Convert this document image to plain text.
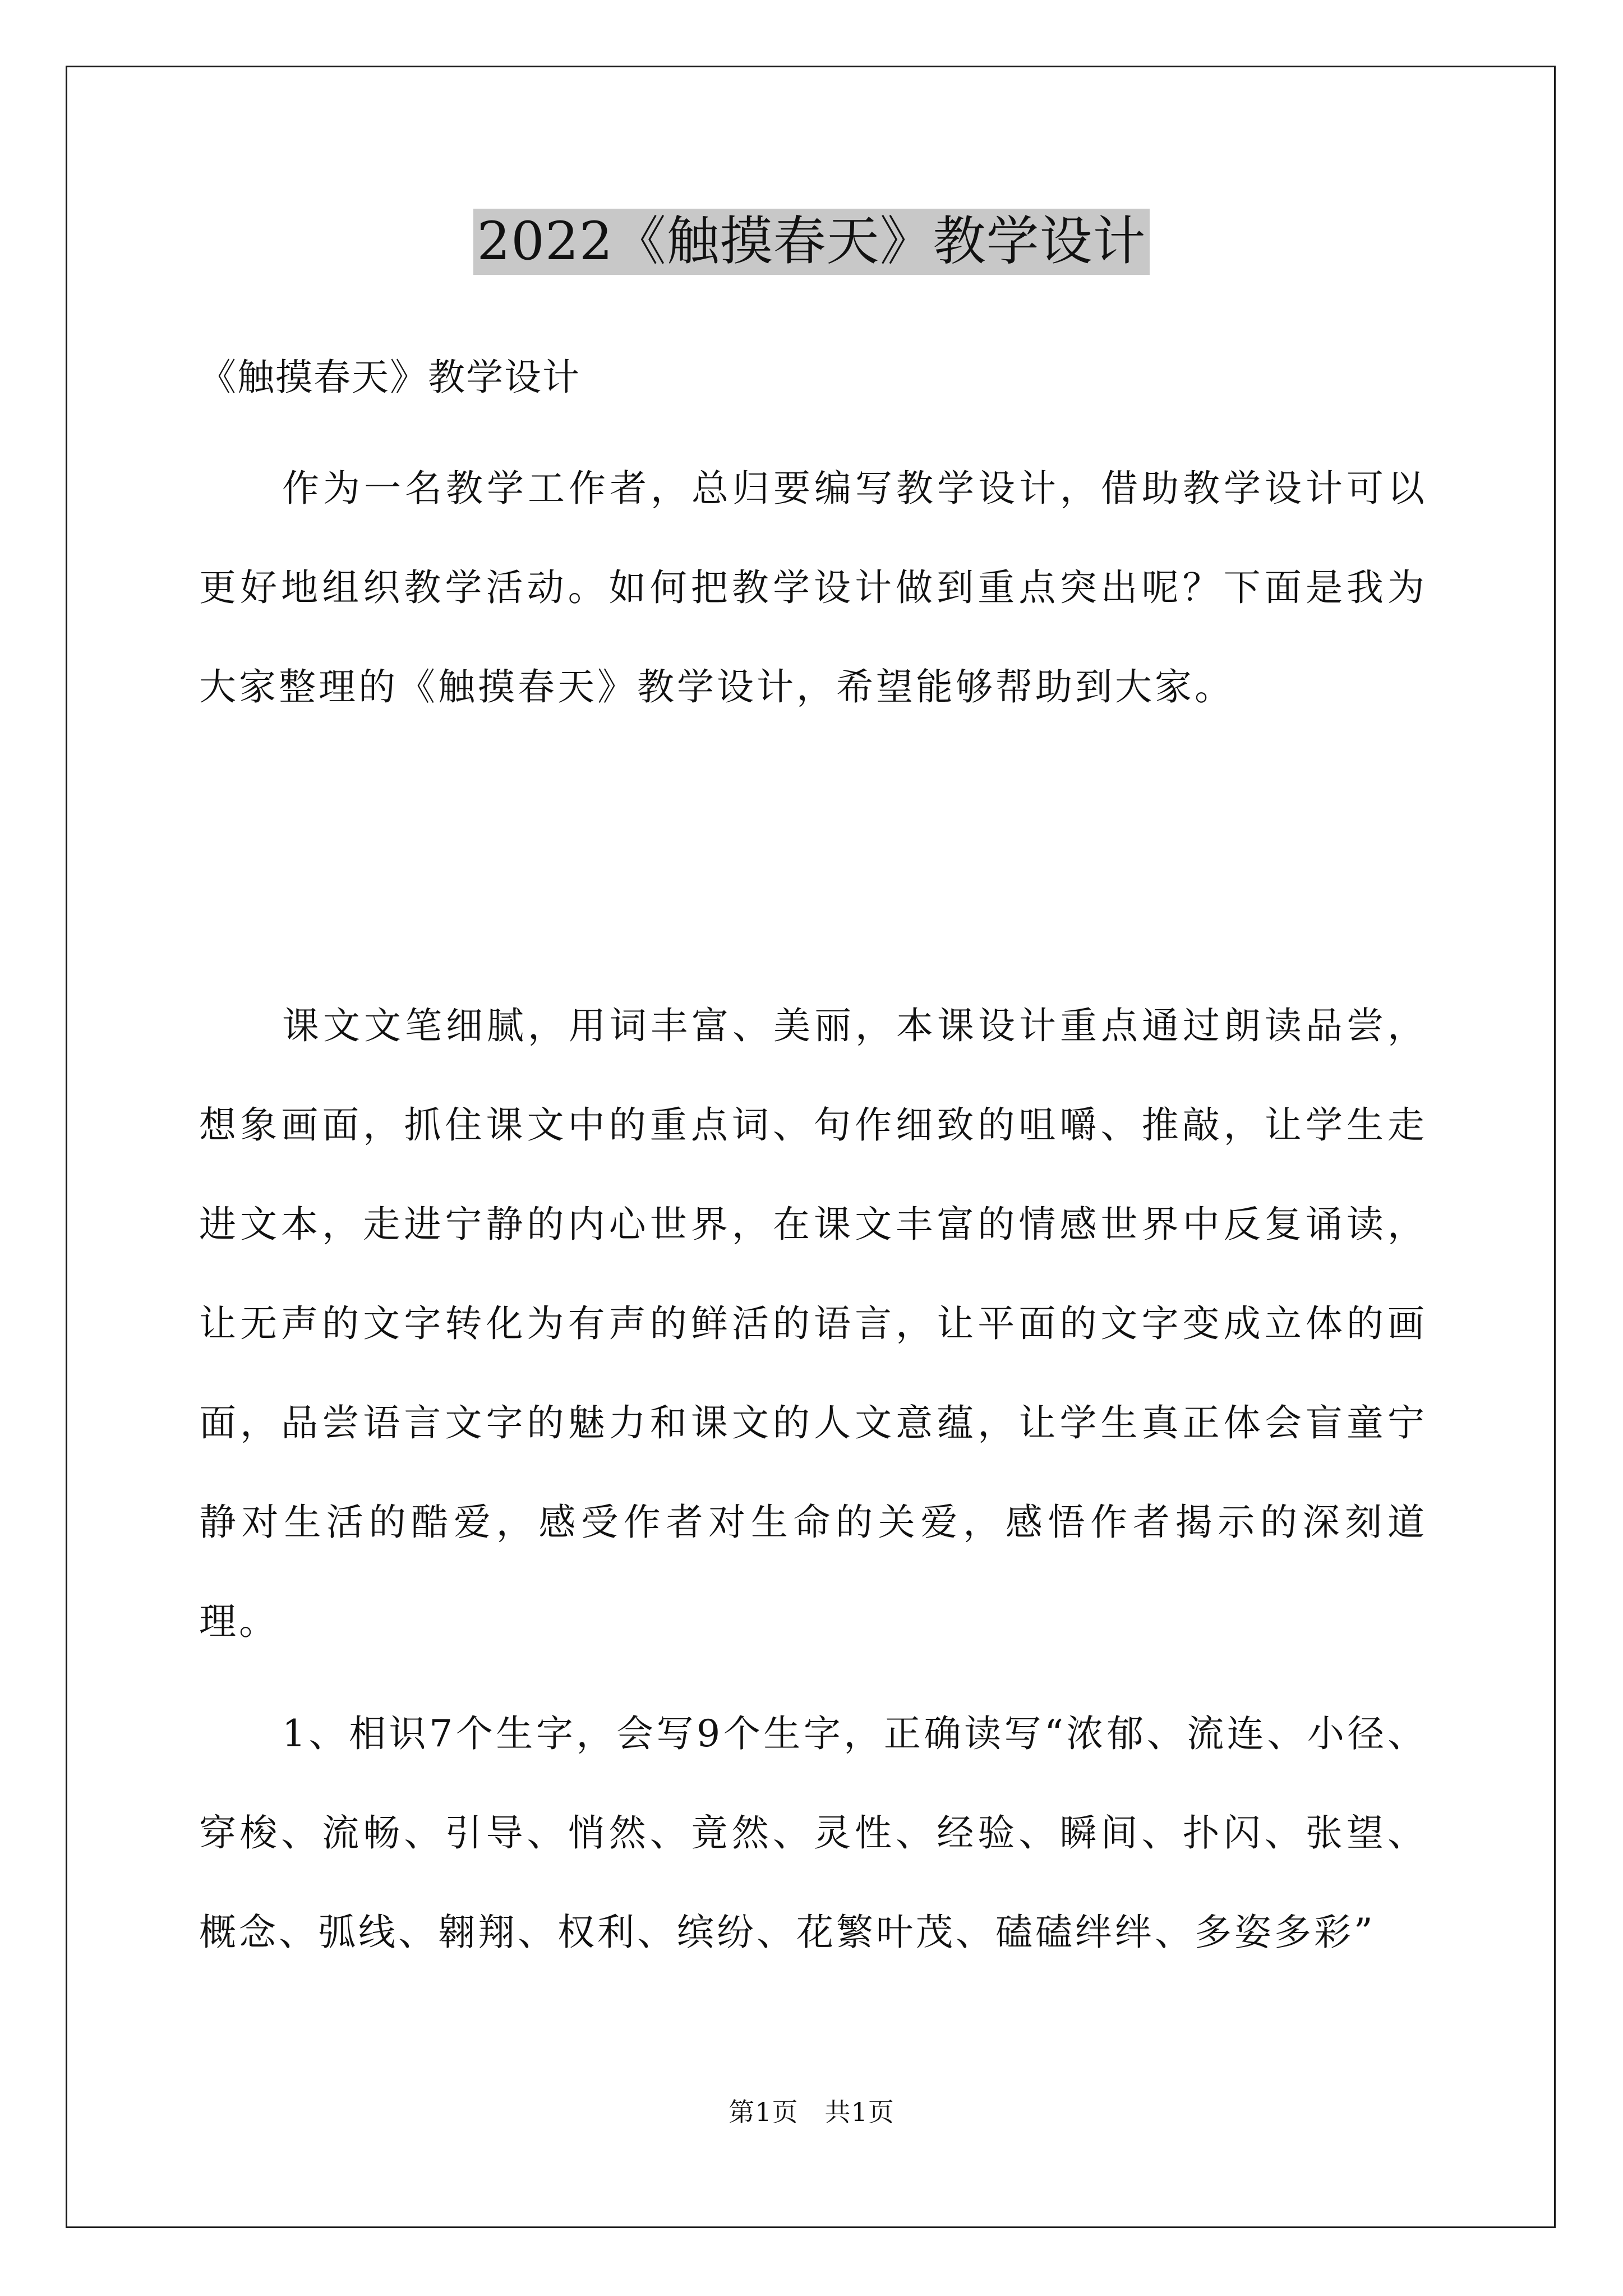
2022《触摸春天》教学设计
《触摸春天》教学设计

作为一名教学工作者，总归要编写教学设计，借助教学设计可以更好地组织教学活动。如何把教学设计做到重点突出呢？下面是我为大家整理的《触摸春天》教学设计，希望能够帮助到大家。

课文文笔细腻，用词丰富、美丽，本课设计重点通过朗读品尝，想象画面，抓住课文中的重点词、句作细致的咀嚼、推敲，让学生走进文本，走进宁静的内心世界，在课文丰富的情感世界中反复诵读，让无声的文字转化为有声的鲜活的语言，让平面的文字变成立体的画面，品尝语言文字的魅力和课文的人文意蕴，让学生真正体会盲童宁静对生活的酷爱，感受作者对生命的关爱，感悟作者揭示的深刻道理。

1、相识7个生字，会写9个生字，正确读写“浓郁、流连、小径、穿梭、流畅、引导、悄然、竟然、灵性、经验、瞬间、扑闪、张望、概念、弧线、翱翔、权利、缤纷、花繁叶茂、磕磕绊绊、多姿多彩”

第1页　共1页
